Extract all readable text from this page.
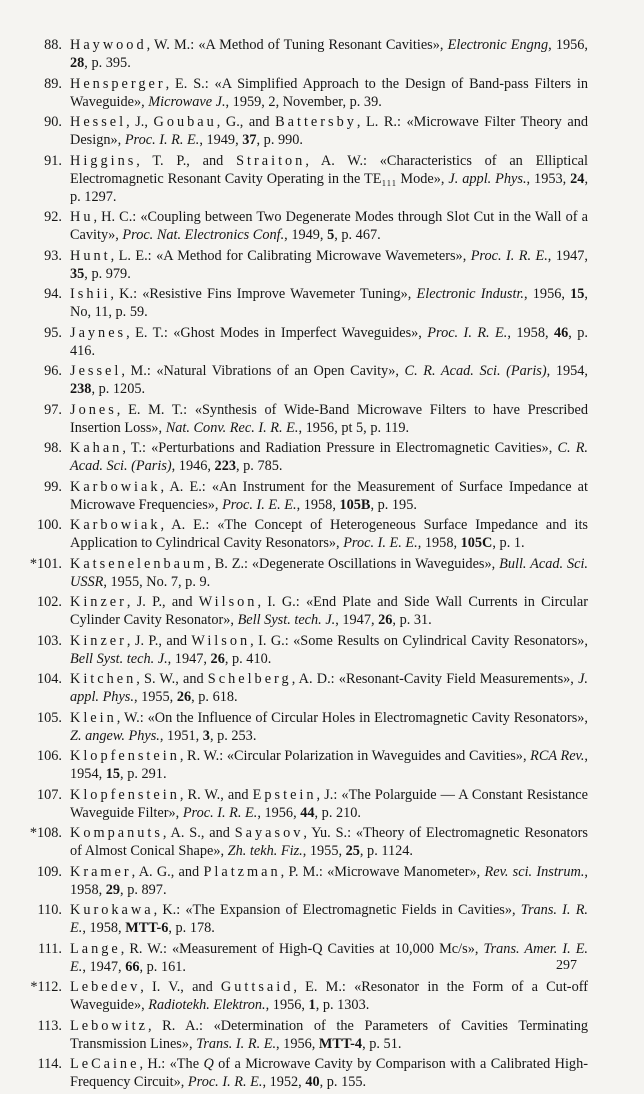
88. Haywood, W. M.: «A Method of Tuning Resonant Cavities», Electronic Engng, 1956, 28, p. 395.
89. Hensperger, E. S.: «A Simplified Approach to the Design of Band-pass Filters in Waveguide», Microwave J., 1959, 2, November, p. 39.
90. Hessel, J., Goubau, G., and Battersby, L. R.: «Microwave Filter Theory and Design», Proc. I. R. E., 1949, 37, p. 990.
91. Higgins, T. P., and Straiton, A. W.: «Characteristics of an Elliptical Electromagnetic Resonant Cavity Operating in the TE₁₁₁ Mode», J. appl. Phys., 1953, 24, p. 1297.
92. Hu, H. C.: «Coupling between Two Degenerate Modes through Slot Cut in the Wall of a Cavity», Proc. Nat. Electronics Conf., 1949, 5, p. 467.
93. Hunt, L. E.: «A Method for Calibrating Microwave Wavemeters», Proc. I. R. E., 1947, 35, p. 979.
94. Ishii, K.: «Resistive Fins Improve Wavemeter Tuning», Electronic Industr., 1956, 15, No, 11, p. 59.
95. Jaynes, E. T.: «Ghost Modes in Imperfect Waveguides», Proc. I. R. E., 1958, 46, p. 416.
96. Jessel, M.: «Natural Vibrations of an Open Cavity», C. R. Acad. Sci. (Paris), 1954, 238, p. 1205.
97. Jones, E. M. T.: «Synthesis of Wide-Band Microwave Filters to have Prescribed Insertion Loss», Nat. Conv. Rec. I. R. E., 1956, pt 5, p. 119.
98. Kahan, T.: «Perturbations and Radiation Pressure in Electromagnetic Cavities», C. R. Acad. Sci. (Paris), 1946, 223, p. 785.
99. Karbowiak, A. E.: «An Instrument for the Measurement of Surface Impedance at Microwave Frequencies», Proc. I. E. E., 1958, 105B, p. 195.
100. Karbowiak, A. E.: «The Concept of Heterogeneous Surface Impedance and its Application to Cylindrical Cavity Resonators», Proc. I. E. E., 1958, 105C, p. 1.
*101. Katsenelenbaum, B. Z.: «Degenerate Oscillations in Waveguides», Bull. Acad. Sci. USSR, 1955, No. 7, p. 9.
102. Kinzer, J. P., and Wilson, I. G.: «End Plate and Side Wall Currents in Circular Cylinder Cavity Resonator», Bell Syst. tech. J., 1947, 26, p. 31.
103. Kinzer, J. P., and Wilson, I. G.: «Some Results on Cylindrical Cavity Resonators», Bell Syst. tech. J., 1947, 26, p. 410.
104. Kitchen, S. W., and Schelberg, A. D.: «Resonant-Cavity Field Measurements», J. appl. Phys., 1955, 26, p. 618.
105. Klein, W.: «On the Influence of Circular Holes in Electromagnetic Cavity Resonators», Z. angew. Phys., 1951, 3, p. 253.
106. Klopfenstein, R. W.: «Circular Polarization in Waveguides and Cavities», RCA Rev., 1954, 15, p. 291.
107. Klopfenstein, R. W., and Epstein, J.: «The Polarguide — A Constant Resistance Waveguide Filter», Proc. I. R. E., 1956, 44, p. 210.
*108. Kompanuts, A. S., and Sayasov, Yu. S.: «Theory of Electromagnetic Resonators of Almost Conical Shape», Zh. tekh. Fiz., 1955, 25, p. 1124.
109. Kramer, A. G., and Platzman, P. M.: «Microwave Manometer», Rev. sci. Instrum., 1958, 29, p. 897.
110. Kurokawa, K.: «The Expansion of Electromagnetic Fields in Cavities», Trans. I. R. E., 1958, MTT-6, p. 178.
111. Lange, R. W.: «Measurement of High-Q Cavities at 10,000 Mc/s», Trans. Amer. I. E. E., 1947, 66, p. 161.
*112. Lebedev, I. V., and Guttsaid, E. M.: «Resonator in the Form of a Cut-off Waveguide», Radiotekh. Elektron., 1956, 1, p. 1303.
113. Lebowitz, R. A.: «Determination of the Parameters of Cavities Terminating Transmission Lines», Trans. I. R. E., 1956, MTT-4, p. 51.
114. LeCaine, H.: «The Q of a Microwave Cavity by Comparison with a Calibrated High-Frequency Circuit», Proc. I. R. E., 1952, 40, p. 155.
297
